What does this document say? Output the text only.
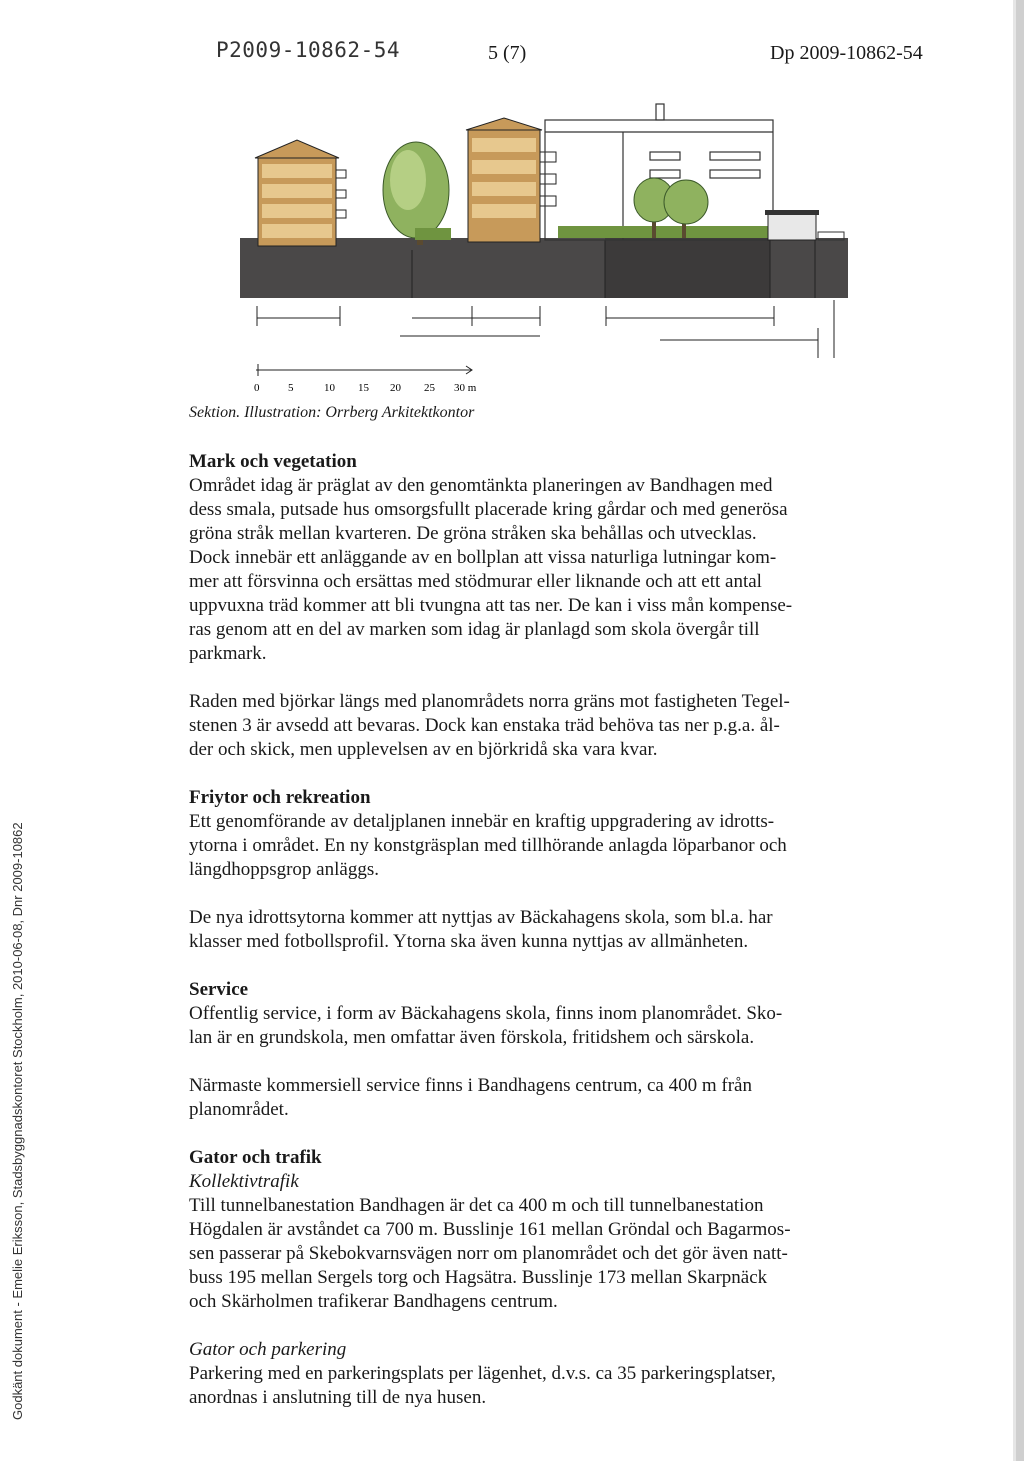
P2009-10862-54	5 (7)	Dp 2009-10862-54
0	5	10 15 20 25 30 m
Sektion. Illustration: Orrberg Arkitektkontor
Mark och vegetation

Området idag är präglat av den genomtänkta planeringen av Bandhagen med

dess smala, putsade hus omsorgsfullt placerade kring gårdar och med generösa

gröna stråk mellan kvarteren. De gröna stråken ska behållas och utvecklas.

Dock innebär ett anläggande av en bollplan att vissa naturliga lutningar kom-

mer att försvinna och ersättas med stödmurar eller liknande och att ett antal

uppvuxna träd kommer att bli tvungna att tas ner. De kan i viss mån kompense-

ras genom att en del av marken som idag är planlagd som skola övergår till

parkmark.

Raden med björkar längs med planområdets norra gräns mot fastigheten Tegel-

stenen 3 är avsedd att bevaras. Dock kan enstaka träd behöva tas ner p.g.a. ål-

der och skick, men upplevelsen av en björkridå ska vara kvar.

Friytor och rekreation

Ett genomförande av detaljplanen innebär en kraftig uppgradering av idrotts-

ytorna i området. En ny konstgräsplan med tillhörande anlagda löparbanor och

längdhoppsgrop anläggs.

De nya idrottsytorna kommer att nyttjas av Bäckahagens skola, som bl.a. har

klasser med fotbollsprofil. Ytorna ska även kunna nyttjas av allmänheten.

Service

Offentlig service, i form av Bäckahagens skola, finns inom planområdet. Sko-

lan är en grundskola, men omfattar även förskola, fritidshem och särskola.

Närmaste kommersiell service finns i Bandhagens centrum, ca 400 m från

planområdet.

Gator och trafik

Kollektivtrafik

Till tunnelbanestation Bandhagen är det ca 400 m och till tunnelbanestation

Högdalen är avståndet ca 700 m. Busslinje 161 mellan Gröndal och Bagarmos-

sen passerar på Skebokvarnsvägen norr om planområdet och det gör även natt-

buss 195 mellan Sergels torg och Hagsätra. Busslinje 173 mellan Skarpnäck

och Skärholmen trafikerar Bandhagens centrum.

Gator och parkering

Parkering med en parkeringsplats per lägenhet, d.v.s. ca 35 parkeringsplatser,

anordnas i anslutning till de nya husen.

Godkänt dokument - Emelie Eriksson, Stadsbyggnadskontoret Stockholm, 2010-06-08, Dnr 2009-10862
